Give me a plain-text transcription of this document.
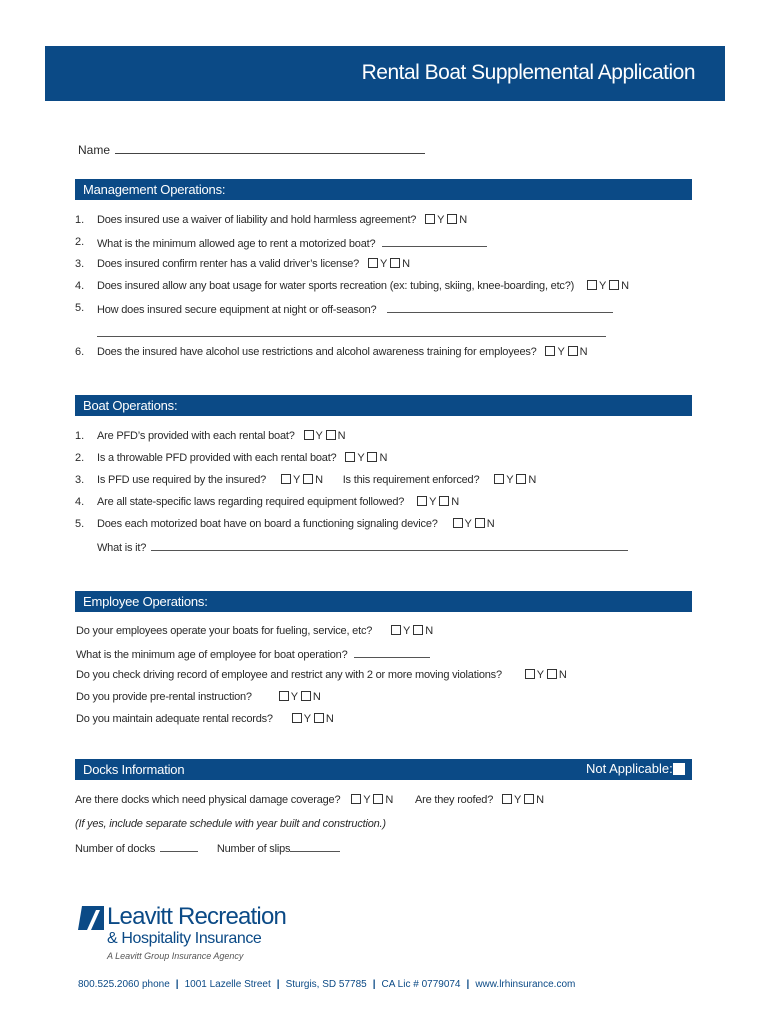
Rental Boat Supplemental Application
Name
Management Operations:
1. Does insured use a waiver of liability and hold harmless agreement? Y N
2. What is the minimum allowed age to rent a motorized boat?
3. Does insured confirm renter has a valid driver’s license? Y N
4. Does insured allow any boat usage for water sports recreation (ex: tubing, skiing, knee-boarding, etc?) Y N
5. How does insured secure equipment at night or off-season?
6. Does the insured have alcohol use restrictions and alcohol awareness training for employees? Y N
Boat Operations:
1. Are PFD’s provided with each rental boat? Y N
2. Is a throwable PFD provided with each rental boat? Y N
3. Is PFD use required by the insured? Y N Is this requirement enforced? Y N
4. Are all state-specific laws regarding required equipment followed? Y N
5. Does each motorized boat have on board a functioning signaling device? Y N
What is it?
Employee Operations:
Do your employees operate your boats for fueling, service, etc?	Y N
What is the minimum age of employee for boat operation?
Do you check driving record of employee and restrict any with 2 or more moving violations?	Y N
Do you provide pre-rental instruction?	Y N
Do you maintain adequate rental records?	Y N
Docks Information	Not Applicable:
Are there docks which need physical damage coverage? Y N Are they roofed? Y N
(If yes, include separate schedule with year built and construction.)
Number of docks	Number of slips
Leavitt Recreation
& Hospitality Insurance
A Leavitt Group Insurance Agency
800.525.2060 phone | 1001 Lazelle Street | Sturgis, SD 57785 | CA Lic # 0779074 | www.lrhinsurance.com
